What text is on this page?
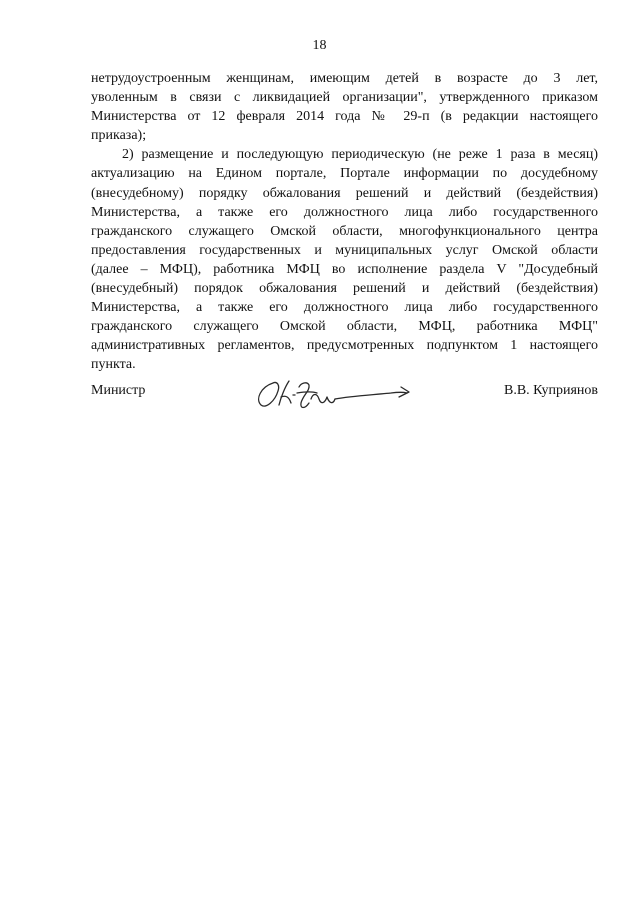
18
нетрудоустроенным женщинам, имеющим детей в возрасте до 3 лет,
уволенным в связи с ликвидацией организации", утвержденного приказом
Министерства от 12 февраля 2014 года № 29-п (в редакции настоящего
приказа);
2) размещение и последующую периодическую (не реже 1 раза в месяц)
актуализацию на Едином портале, Портале информации по досудебному
(внесудебному) порядку обжалования решений и действий (бездействия)
Министерства, а также его должностного лица либо государственного
гражданского служащего Омской области, многофункционального центра
предоставления государственных и муниципальных услуг Омской области
(далее – МФЦ), работника МФЦ во исполнение раздела V "Досудебный
(внесудебный) порядок обжалования решений и действий (бездействия)
Министерства, а также его должностного лица либо государственного
гражданского служащего Омской области, МФЦ, работника МФЦ"
административных регламентов, предусмотренных подпунктом 1 настоящего
пункта.
Министр	В.В. Куприянов
